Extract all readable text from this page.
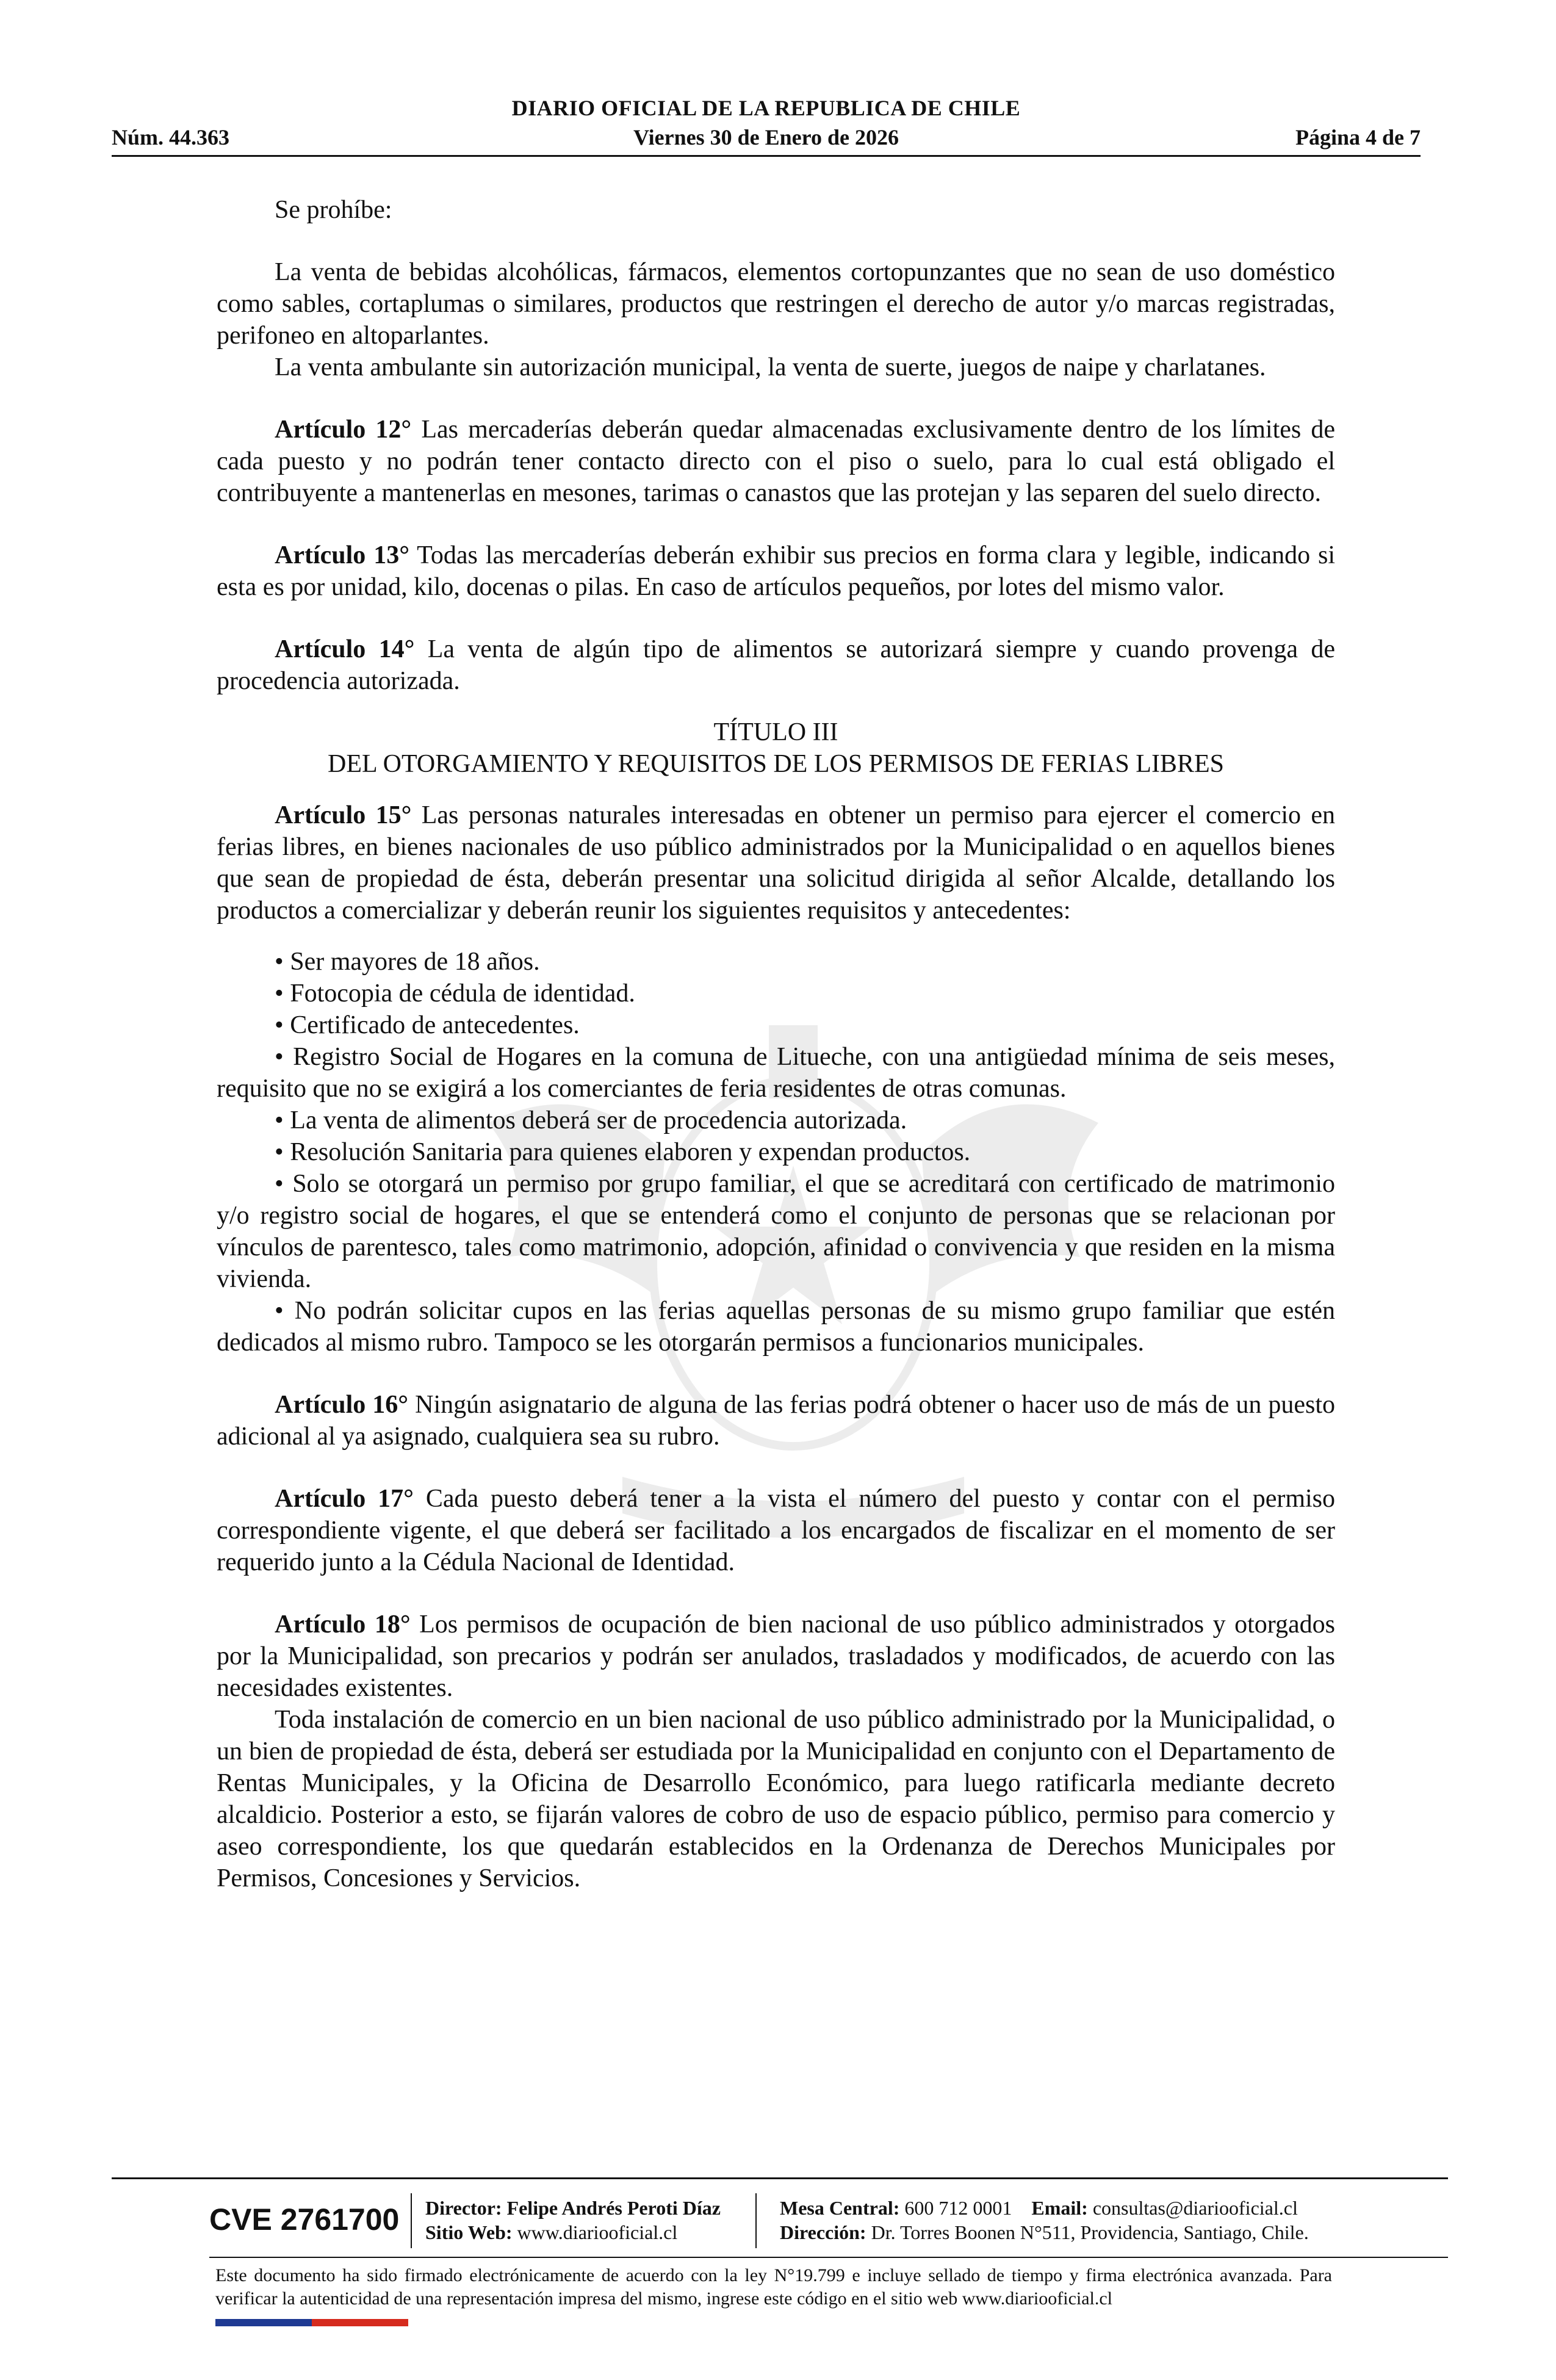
DIARIO OFICIAL DE LA REPUBLICA DE CHILE
Núm. 44.363	Viernes 30 de Enero de 2026	Página 4 de 7

Se prohíbe:

La venta de bebidas alcohólicas, fármacos, elementos cortopunzantes que no sean de uso doméstico como sables, cortaplumas o similares, productos que restringen el derecho de autor y/o marcas registradas, perifoneo en altoparlantes.

La venta ambulante sin autorización municipal, la venta de suerte, juegos de naipe y charlatanes.

Artículo 12° Las mercaderías deberán quedar almacenadas exclusivamente dentro de los límites de cada puesto y no podrán tener contacto directo con el piso o suelo, para lo cual está obligado el contribuyente a mantenerlas en mesones, tarimas o canastos que las protejan y las separen del suelo directo.

Artículo 13° Todas las mercaderías deberán exhibir sus precios en forma clara y legible, indicando si esta es por unidad, kilo, docenas o pilas. En caso de artículos pequeños, por lotes del mismo valor.

Artículo 14° La venta de algún tipo de alimentos se autorizará siempre y cuando provenga de procedencia autorizada.

TÍTULO III

DEL OTORGAMIENTO Y REQUISITOS DE LOS PERMISOS DE FERIAS LIBRES

Artículo 15° Las personas naturales interesadas en obtener un permiso para ejercer el comercio en ferias libres, en bienes nacionales de uso público administrados por la Municipalidad o en aquellos bienes que sean de propiedad de ésta, deberán presentar una solicitud dirigida al señor Alcalde, detallando los productos a comercializar y deberán reunir los siguientes requisitos y antecedentes:

• Ser mayores de 18 años.

• Fotocopia de cédula de identidad.

• Certificado de antecedentes.

• Registro Social de Hogares en la comuna de Litueche, con una antigüedad mínima de seis meses, requisito que no se exigirá a los comerciantes de feria residentes de otras comunas.

• La venta de alimentos deberá ser de procedencia autorizada.

• Resolución Sanitaria para quienes elaboren y expendan productos.

• Solo se otorgará un permiso por grupo familiar, el que se acreditará con certificado de matrimonio y/o registro social de hogares, el que se entenderá como el conjunto de personas que se relacionan por vínculos de parentesco, tales como matrimonio, adopción, afinidad o convivencia y que residen en la misma vivienda.

• No podrán solicitar cupos en las ferias aquellas personas de su mismo grupo familiar que estén dedicados al mismo rubro. Tampoco se les otorgarán permisos a funcionarios municipales.

Artículo 16° Ningún asignatario de alguna de las ferias podrá obtener o hacer uso de más de un puesto adicional al ya asignado, cualquiera sea su rubro.

Artículo 17° Cada puesto deberá tener a la vista el número del puesto y contar con el permiso correspondiente vigente, el que deberá ser facilitado a los encargados de fiscalizar en el momento de ser requerido junto a la Cédula Nacional de Identidad.

Artículo 18° Los permisos de ocupación de bien nacional de uso público administrados y otorgados por la Municipalidad, son precarios y podrán ser anulados, trasladados y modificados, de acuerdo con las necesidades existentes.

Toda instalación de comercio en un bien nacional de uso público administrado por la Municipalidad, o un bien de propiedad de ésta, deberá ser estudiada por la Municipalidad en conjunto con el Departamento de Rentas Municipales, y la Oficina de Desarrollo Económico, para luego ratificarla mediante decreto alcaldicio. Posterior a esto, se fijarán valores de cobro de uso de espacio público, permiso para comercio y aseo correspondiente, los que quedarán establecidos en la Ordenanza de Derechos Municipales por Permisos, Concesiones y Servicios.

CVE 2761700 Director: Felipe Andrés Peroti Díaz
Sitio Web: www.diariooficial.cl
Mesa Central: 600 712 0001 Email: consultas@diariooficial.cl
Dirección: Dr. Torres Boonen N°511, Providencia, Santiago, Chile.
Este documento ha sido firmado electrónicamente de acuerdo con la ley N°19.799 e incluye sellado de tiempo y firma electrónica avanzada. Para verificar la autenticidad de una representación impresa del mismo, ingrese este código en el sitio web www.diariooficial.cl
